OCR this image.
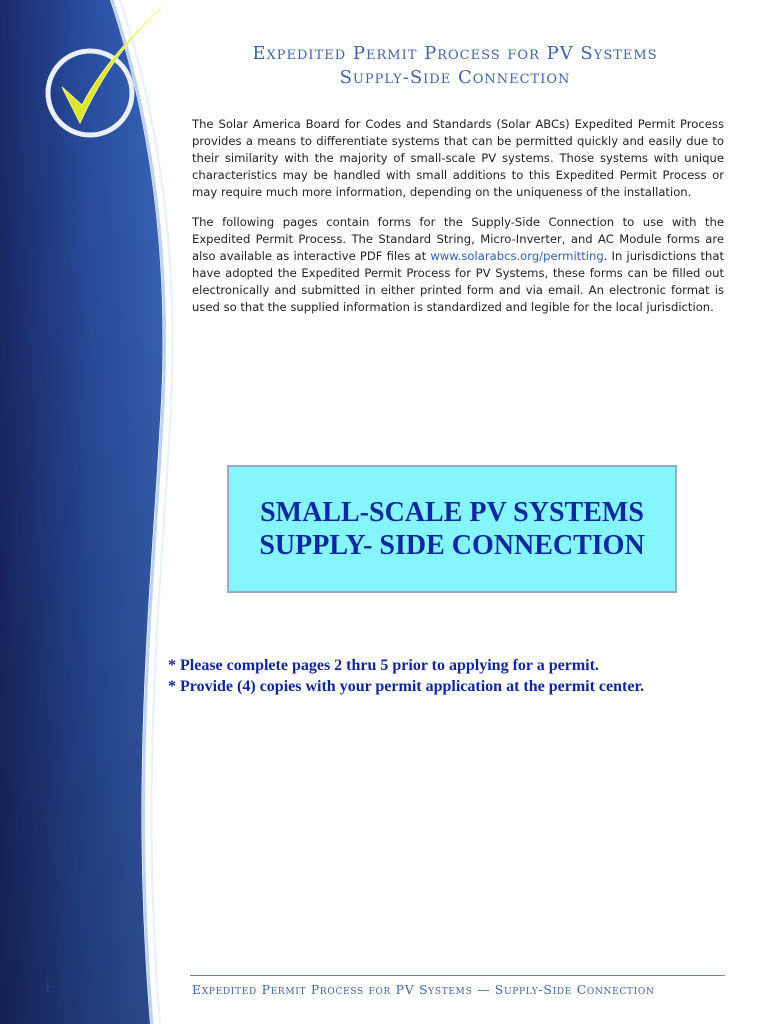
Expedited Permit Process for PV Systems
Supply-Side Connection

The Solar America Board for Codes and Standards (Solar ABCs) Expedited Permit Process provides a means to differentiate systems that can be permitted quickly and easily due to their similarity with the majority of small-scale PV systems. Those systems with unique characteristics may be handled with small additions to this Expedited Permit Process or may require much more information, depending on the uniqueness of the installation.

The following pages contain forms for the Supply-Side Connection to use with the Expedited Permit Process. The Standard String, Micro-Inverter, and AC Module forms are also available as interactive PDF files at www.solarabcs.org/permitting. In jurisdictions that have adopted the Expedited Permit Process for PV Systems, these forms can be filled out electronically and submitted in either printed form and via email. An electronic format is used so that the supplied information is standardized and legible for the local jurisdiction.

SMALL-SCALE PV SYSTEMS
SUPPLY- SIDE CONNECTION
* Please complete pages 2 thru 5 prior to applying for a permit.
* Provide (4) copies with your permit application at the permit center.
1	Expedited Permit Process for PV Systems — Supply-Side Connection
